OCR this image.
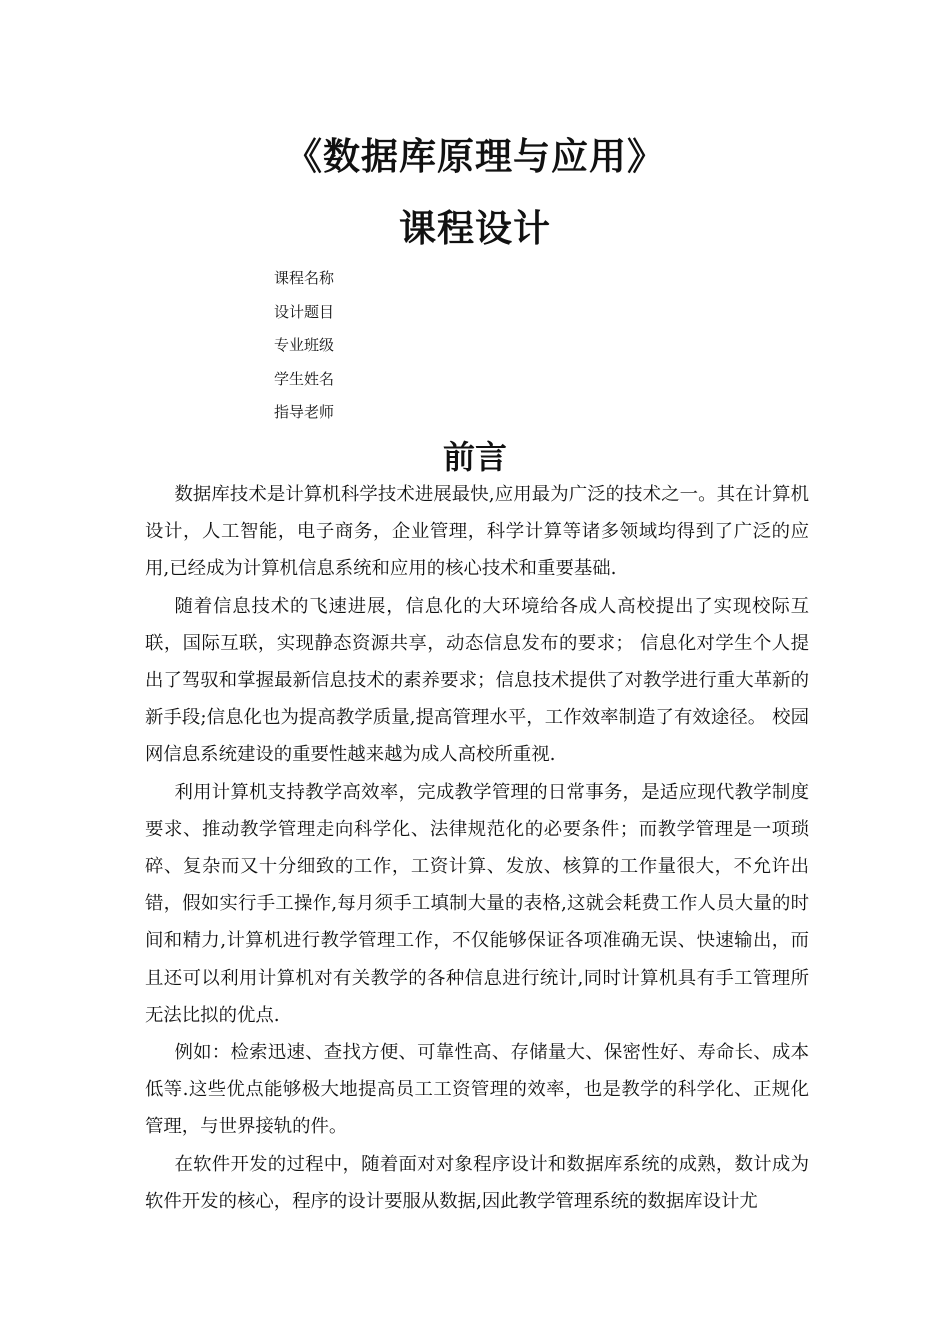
《数据库原理与应用》
课程设计
课程名称
设计题目
专业班级
学生姓名
指导老师
前言

数据库技术是计算机科学技术进展最快,应用最为广泛的技术之一。其在计算机设计，人工智能，电子商务，企业管理，科学计算等诸多领域均得到了广泛的应用,已经成为计算机信息系统和应用的核心技术和重要基础.

随着信息技术的飞速进展，信息化的大环境给各成人高校提出了实现校际互联，国际互联，实现静态资源共享，动态信息发布的要求； 信息化对学生个人提出了驾驭和掌握最新信息技术的素养要求；信息技术提供了对教学进行重大革新的新手段;信息化也为提高教学质量,提高管理水平，工作效率制造了有效途径。 校园网信息系统建设的重要性越来越为成人高校所重视.

利用计算机支持教学高效率，完成教学管理的日常事务，是适应现代教学制度要求、推动教学管理走向科学化、法律规范化的必要条件；而教学管理是一项琐碎、复杂而又十分细致的工作，工资计算、发放、核算的工作量很大，不允许出错，假如实行手工操作,每月须手工填制大量的表格,这就会耗费工作人员大量的时间和精力,计算机进行教学管理工作，不仅能够保证各项准确无误、快速输出，而且还可以利用计算机对有关教学的各种信息进行统计,同时计算机具有手工管理所无法比拟的优点.

例如：检索迅速、查找方便、可靠性高、存储量大、保密性好、寿命长、成本低等.这些优点能够极大地提高员工工资管理的效率，也是教学的科学化、正规化管理，与世界接轨的件。

在软件开发的过程中，随着面对对象程序设计和数据库系统的成熟，数计成为软件开发的核心，程序的设计要服从数据,因此教学管理系统的数据库设计尤
